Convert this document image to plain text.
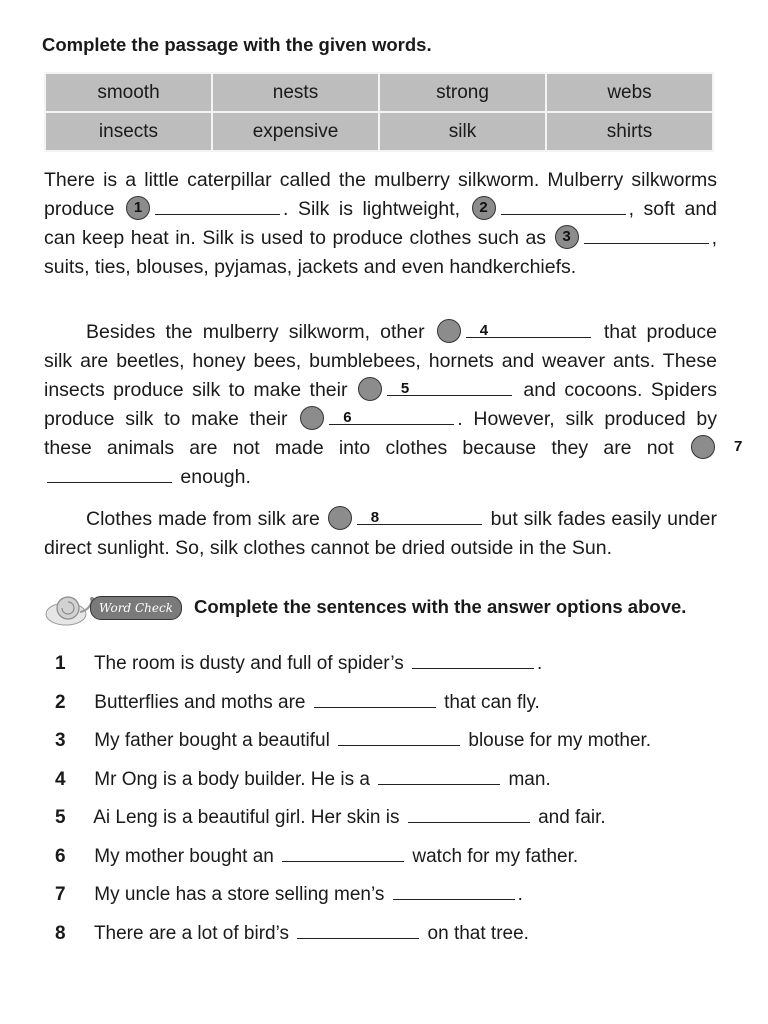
Complete the passage with the given words.
smooth	nests	strong	webs
insects	expensive	silk	shirts
There is a little caterpillar called the mulberry silkworm. Mulberry silkworms produce 1	. Silk is lightweight, 2	, soft and can keep heat in. Silk is used to produce clothes such as 3	, suits, ties, blouses, pyjamas, jackets and even handkerchiefs.
Besides the mulberry silkworm, other	4	that produce silk are beetles, honey bees, bumblebees, hornets and weaver ants. These insects produce silk to make their	5	and cocoons. Spiders produce silk to make their	6	. However, silk produced by these animals are not made into clothes because they are not	7 enough.
Clothes made from silk are	8	but silk fades easily under direct sunlight. So, silk clothes cannot be dried outside in the Sun.
Word Check	Complete the sentences with the answer options above.
1 The room is dusty and full of spider’s	.
2 Butterflies and moths are	that can fly.
3 My father bought a beautiful	blouse for my mother.
4 Mr Ong is a body builder. He is a	man.
5 Ai Leng is a beautiful girl. Her skin is	and fair.
6 My mother bought an	watch for my father.
7 My uncle has a store selling men’s	.
8 There are a lot of bird’s	on that tree.
